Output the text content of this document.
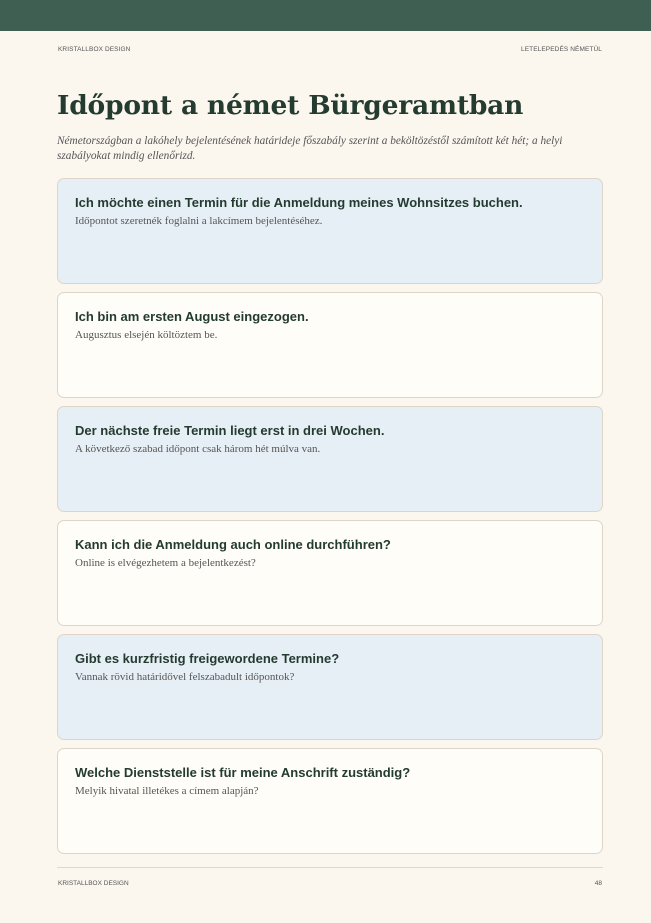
KRISTALLBOX DESIGN	LETELEPEDÉS NÉMETÜL
Időpont a német Bürgeramtban

Németországban a lakóhely bejelentésének határideje főszabály szerint a beköltözéstől számított két hét; a helyi szabályokat mindig ellenőrizd.

Ich möchte einen Termin für die Anmeldung meines Wohnsitzes buchen.
Időpontot szeretnék foglalni a lakcímem bejelentéséhez.
Ich bin am ersten August eingezogen.
Augusztus elsején költöztem be.
Der nächste freie Termin liegt erst in drei Wochen.
A következő szabad időpont csak három hét múlva van.
Kann ich die Anmeldung auch online durchführen?
Online is elvégezhetem a bejelentkezést?
Gibt es kurzfristig freigewordene Termine?
Vannak rövid határidővel felszabadult időpontok?
Welche Dienststelle ist für meine Anschrift zuständig?
Melyik hivatal illetékes a címem alapján?
KRISTALLBOX DESIGN	48
